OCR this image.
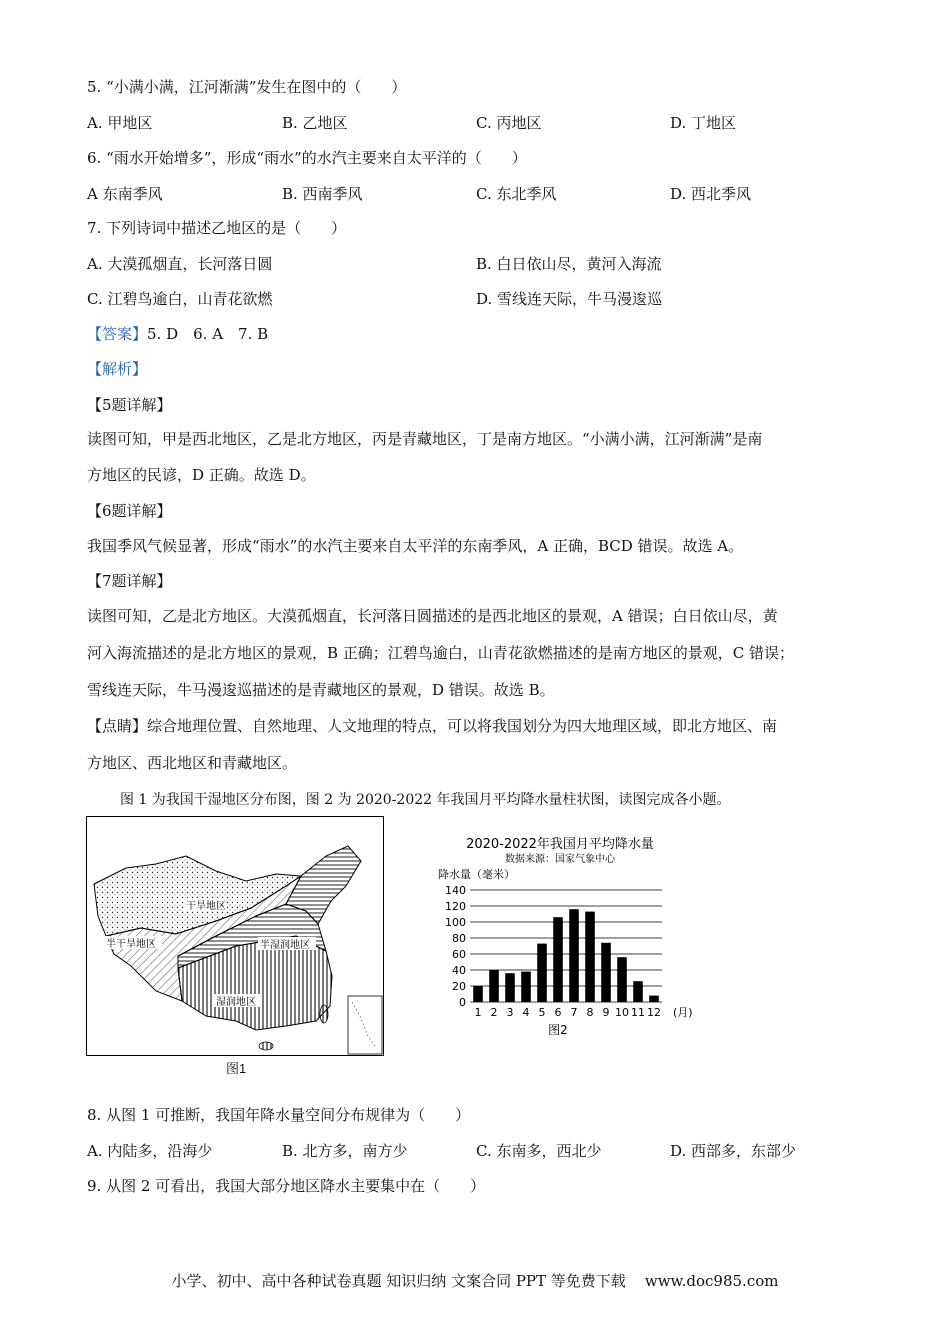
5. “小满小满，江河渐满”发生在图中的（　　）
A. 甲地区	B. 乙地区	C. 丙地区	D. 丁地区
6. “雨水开始增多”，形成“雨水”的水汽主要来自太平洋的（　　）
A 东南季风	B. 西南季风	C. 东北季风	D. 西北季风
7. 下列诗词中描述乙地区的是（　　）
A. 大漠孤烟直，长河落日圆	B. 白日依山尽，黄河入海流
C. 江碧鸟逾白，山青花欲燃	D. 雪线连天际，牛马漫逡巡
【答案】5. D　6. A　7. B
【解析】
【5题详解】
读图可知，甲是西北地区，乙是北方地区，丙是青藏地区，丁是南方地区。“小满小满，江河渐满”是南
方地区的民谚，D 正确。故选 D。
【6题详解】
我国季风气候显著，形成“雨水”的水汽主要来自太平洋的东南季风，A 正确，BCD 错误。故选 A。
【7题详解】
读图可知，乙是北方地区。大漠孤烟直，长河落日圆描述的是西北地区的景观，A 错误；白日依山尽，黄
河入海流描述的是北方地区的景观，B 正确；江碧鸟逾白，山青花欲燃描述的是南方地区的景观，C 错误；
雪线连天际，牛马漫逡巡描述的是青藏地区的景观，D 错误。故选 B。
【点睛】综合地理位置、自然地理、人文地理的特点，可以将我国划分为四大地理区域，即北方地区、南
方地区、西北地区和青藏地区。
图 1 为我国干湿地区分布图，图 2 为 2020-2022 年我国月平均降水量柱状图，读图完成各小题。
干旱地区
半干旱地区	半湿润地区
湿润地区
图1
2020-2022年我国月平均降水量
数据来源：国家气象中心
降水量（毫米）
0
20
40
60
80
100
120
140
1 2 3 4 5 6 7 8 9 10 11 12 (月)
图2
8. 从图 1 可推断，我国年降水量空间分布规律为（　　）
A. 内陆多，沿海少	B. 北方多，南方少	C. 东南多，西北少	D. 西部多，东部少
9. 从图 2 可看出，我国大部分地区降水主要集中在（　　）
小学、初中、高中各种试卷真题 知识归纳 文案合同 PPT 等免费下载 www.doc985.com
